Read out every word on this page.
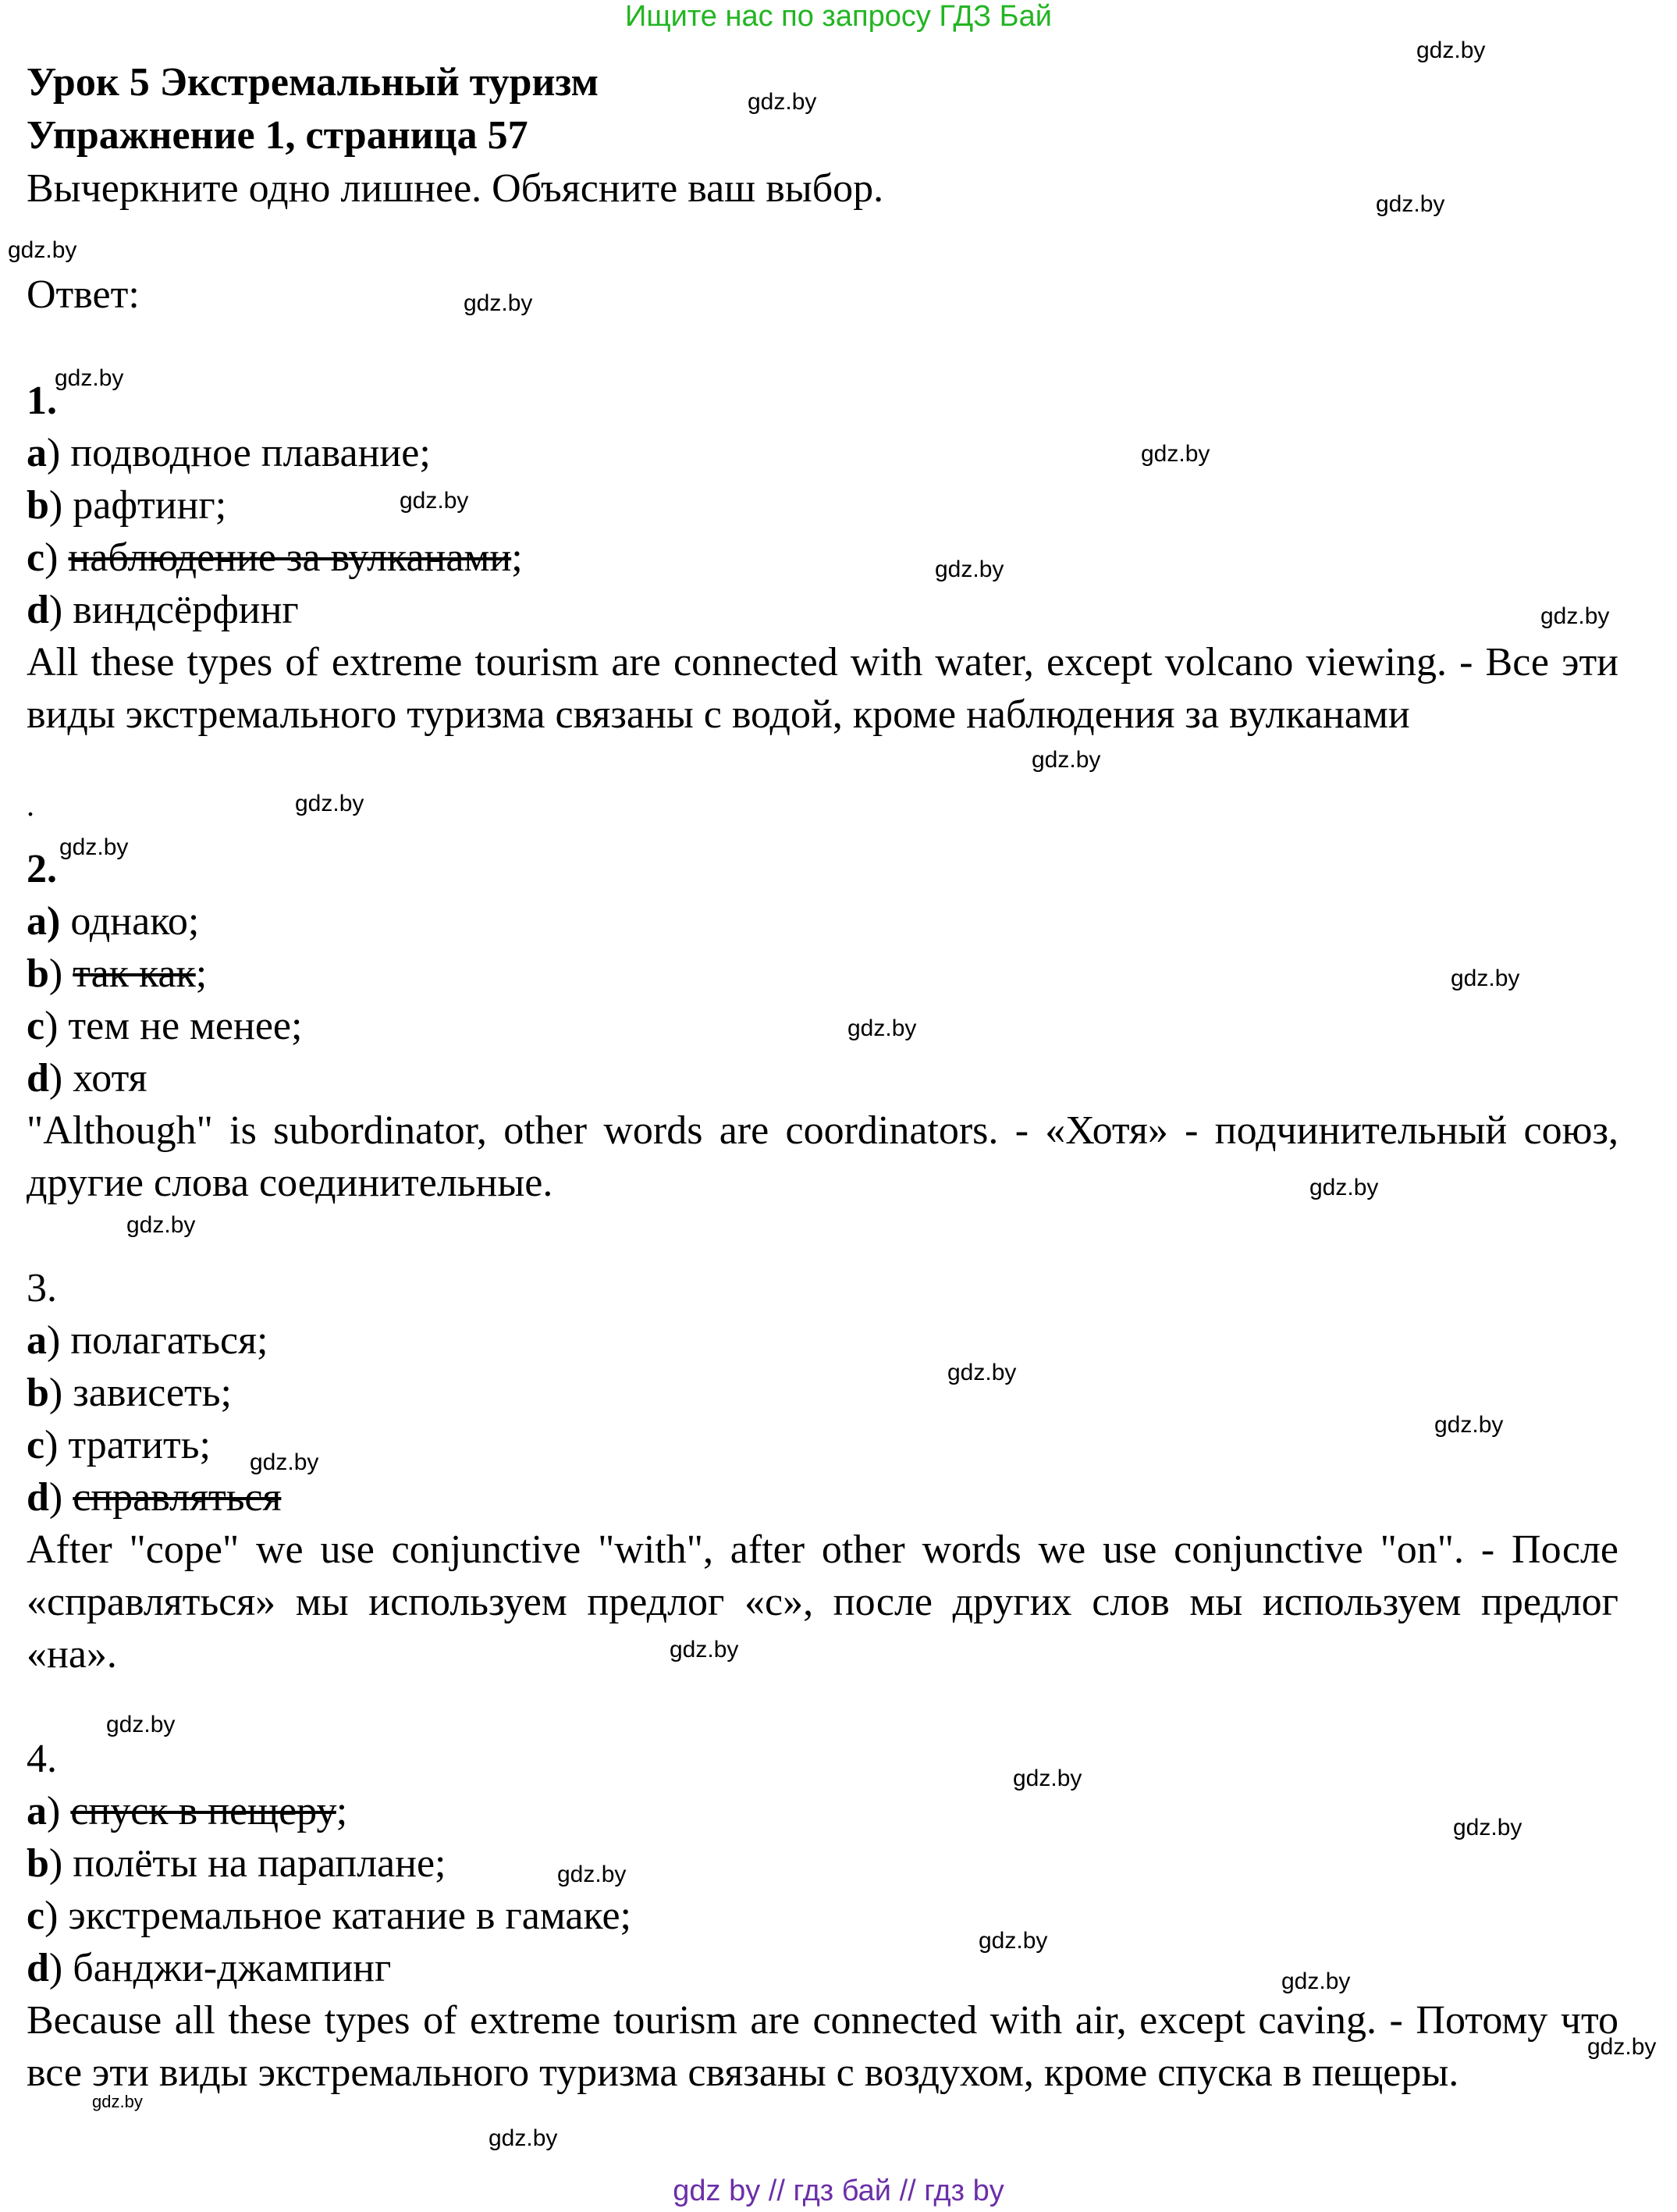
Ищите нас по запросу ГДЗ Бай
Урок 5 Экстремальный туризм
Упражнение 1, страница 57
Вычеркните одно лишнее. Объясните ваш выбор.
Ответ:
1.
a) подводное плавание;
b) рафтинг;
c) наблюдение за вулканами;
d) виндсёрфинг
All these types of extreme tourism are connected with water, except volcano viewing. - Все эти виды экстремального туризма связаны с водой, кроме наблюдения за вулканами
.
2.
a) однако;
b) так как;
c) тем не менее;
d) хотя
"Although" is subordinator, other words are coordinators. - «Хотя» - подчинительный союз, другие слова соединительные.
3.
a) полагаться;
b) зависеть;
c) тратить;
d) справляться
After "cope" we use conjunctive "with", after other words we use conjunctive "on". - После «справляться» мы используем предлог «с», после других слов мы используем предлог «на».
4.
a) спуск в пещеру;
b) полёты на параплане;
c) экстремальное катание в гамаке;
d) банджи-джампинг
Because all these types of extreme tourism are connected with air, except caving. - Потому что все эти виды экстремального туризма связаны с воздухом, кроме спуска в пещеры.
gdz.by
gdz.by
gdz.by
gdz.by
gdz.by
gdz.by
gdz.by
gdz.by
gdz.by
gdz.by
gdz.by
gdz.by
gdz.by
gdz.by
gdz.by
gdz.by
gdz.by
gdz.by
gdz.by
gdz.by
gdz.by
gdz.by
gdz.by
gdz.by
gdz.by
gdz.by
gdz.by
gdz.by
gdz.by
gdz.by
gdz by // гдз бай // гдз by
